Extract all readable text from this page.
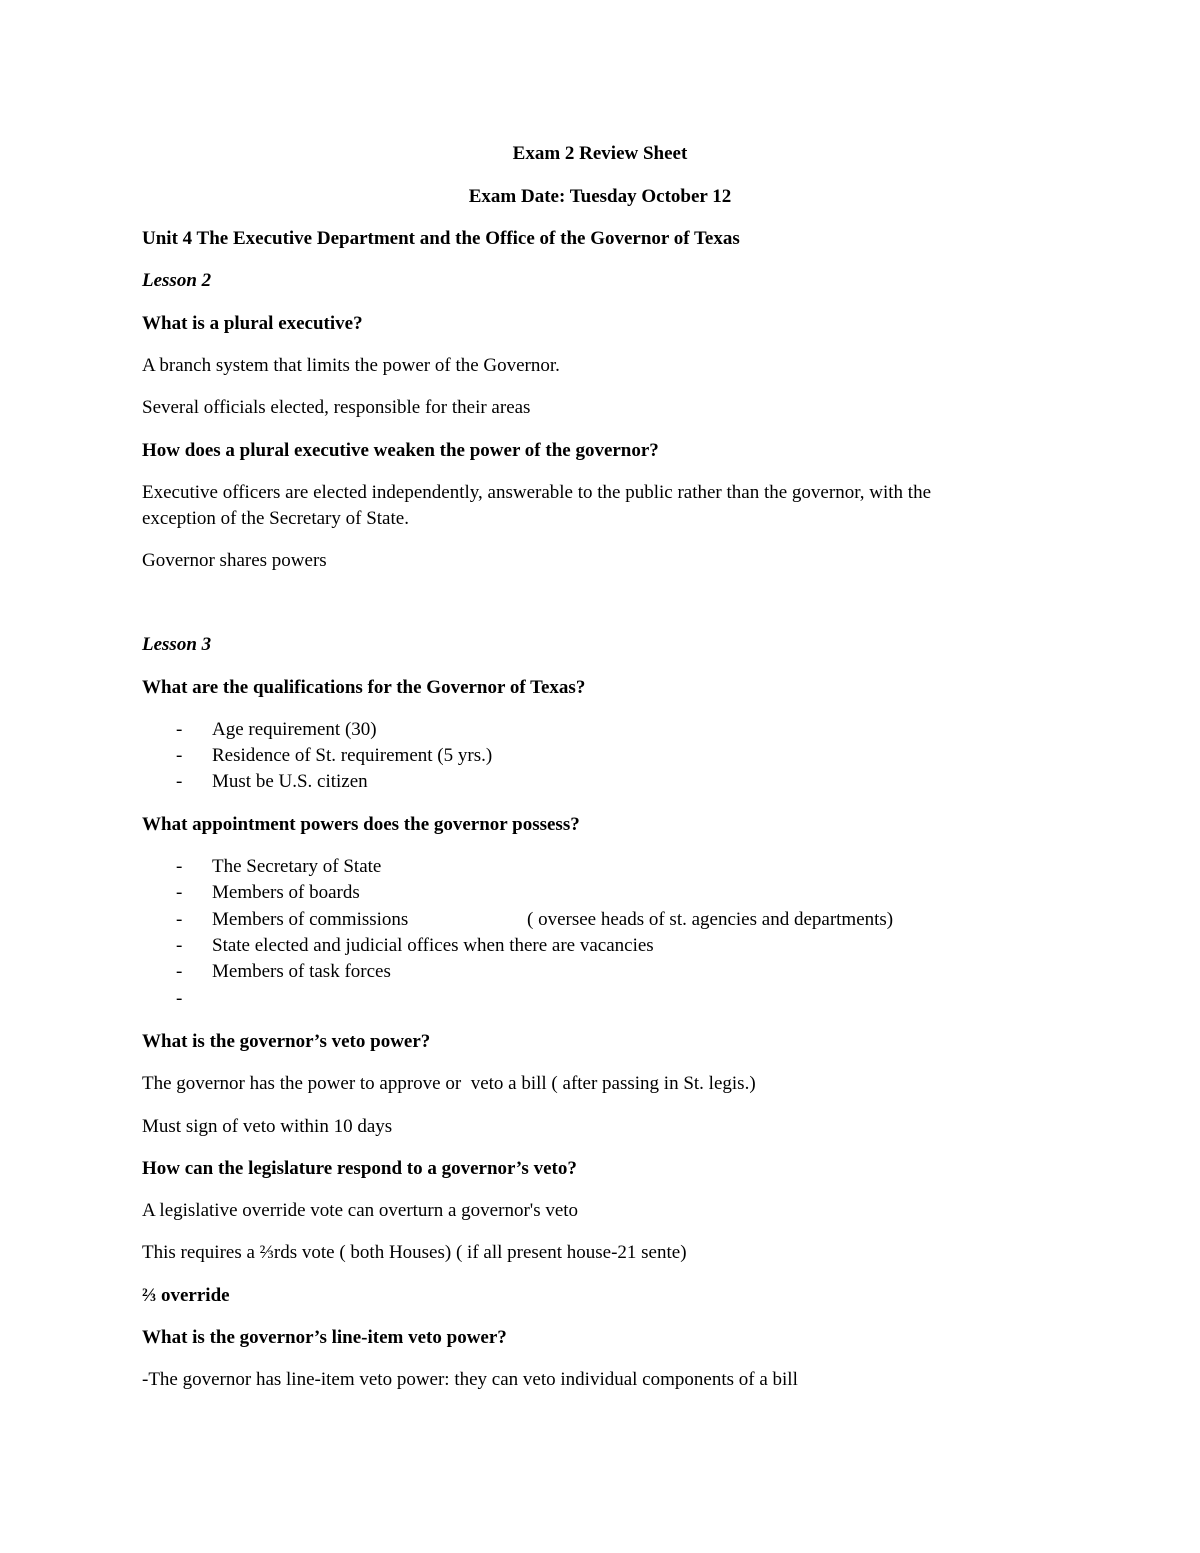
Exam 2 Review Sheet
Exam Date: Tuesday October 12
Unit 4 The Executive Department and the Office of the Governor of Texas
Lesson 2
What is a plural executive?
A branch system that limits the power of the Governor.
Several officials elected, responsible for their areas
How does a plural executive weaken the power of the governor?
Executive officers are elected independently, answerable to the public rather than the governor, with the
exception of the Secretary of State.
Governor shares powers
Lesson 3
What are the qualifications for the Governor of Texas?
- Age requirement (30)
- Residence of St. requirement (5 yrs.)
- Must be U.S. citizen
What appointment powers does the governor possess?
- The Secretary of State
- Members of boards
- Members of commissions	( oversee heads of st. agencies and departments)
- State elected and judicial offices when there are vacancies
- Members of task forces
-
What is the governor’s veto power?
The governor has the power to approve or  veto a bill ( after passing in St. legis.)
Must sign of veto within 10 days
How can the legislature respond to a governor’s veto?
A legislative override vote can overturn a governor's veto
This requires a ⅔rds vote ( both Houses) ( if all present house-21 sente)
⅔ override
What is the governor’s line-item veto power?
-The governor has line-item veto power: they can veto individual components of a bill
